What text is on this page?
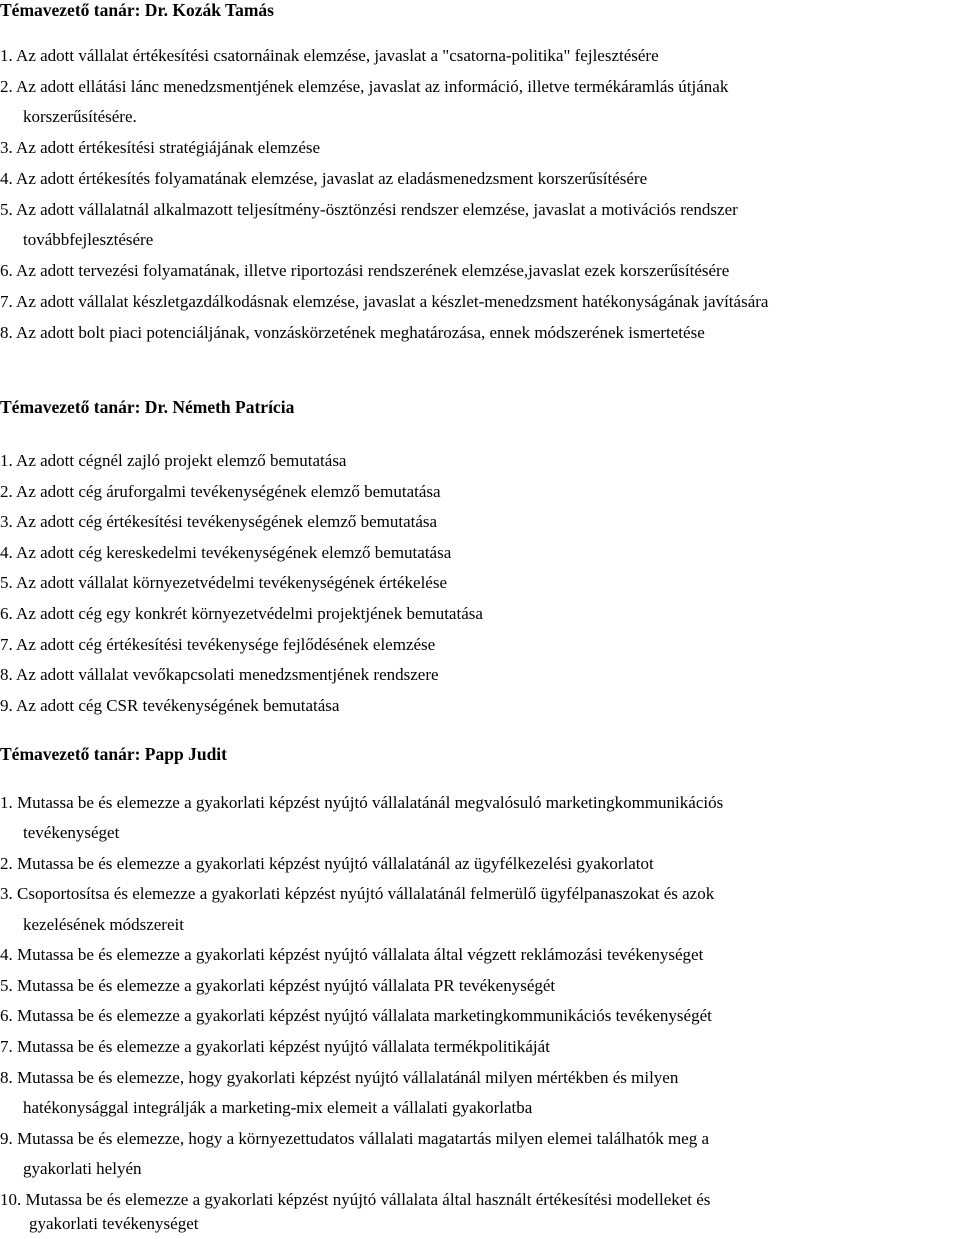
Témavezető tanár: Dr. Kozák Tamás
1. Az adott vállalat értékesítési csatornáinak elemzése, javaslat a "csatorna-politika" fejlesztésére
2. Az adott ellátási lánc menedzsmentjének elemzése, javaslat az információ, illetve termékáramlás útjának
korszerűsítésére.
3. Az adott értékesítési stratégiájának elemzése
4. Az adott értékesítés folyamatának elemzése, javaslat az eladásmenedzsment korszerűsítésére
5. Az adott vállalatnál alkalmazott teljesítmény-ösztönzési rendszer elemzése, javaslat a motivációs rendszer
továbbfejlesztésére
6. Az adott tervezési folyamatának, illetve riportozási rendszerének elemzése,javaslat ezek korszerűsítésére
7. Az adott vállalat készletgazdálkodásnak elemzése, javaslat a készlet-menedzsment hatékonyságának javítására
8. Az adott bolt piaci potenciáljának, vonzáskörzetének meghatározása, ennek módszerének ismertetése
Témavezető tanár: Dr. Németh Patrícia
1. Az adott cégnél zajló projekt elemző bemutatása
2. Az adott cég áruforgalmi tevékenységének elemző bemutatása
3. Az adott cég értékesítési tevékenységének elemző bemutatása
4. Az adott cég kereskedelmi tevékenységének elemző bemutatása
5. Az adott vállalat környezetvédelmi tevékenységének értékelése
6. Az adott cég egy konkrét környezetvédelmi projektjének bemutatása
7. Az adott cég értékesítési tevékenysége fejlődésének elemzése
8. Az adott vállalat vevőkapcsolati menedzsmentjének rendszere
9. Az adott cég CSR tevékenységének bemutatása
Témavezető tanár: Papp Judit
1. Mutassa be és elemezze a gyakorlati képzést nyújtó vállalatánál megvalósuló marketingkommunikációs
tevékenységet
2. Mutassa be és elemezze a gyakorlati képzést nyújtó vállalatánál az ügyfélkezelési gyakorlatot
3. Csoportosítsa és elemezze a gyakorlati képzést nyújtó vállalatánál felmerülő ügyfélpanaszokat és azok
kezelésének módszereit
4. Mutassa be és elemezze a gyakorlati képzést nyújtó vállalata által végzett reklámozási tevékenységet
5. Mutassa be és elemezze a gyakorlati képzést nyújtó vállalata PR tevékenységét
6. Mutassa be és elemezze a gyakorlati képzést nyújtó vállalata marketingkommunikációs tevékenységét
7. Mutassa be és elemezze a gyakorlati képzést nyújtó vállalata termékpolitikáját
8. Mutassa be és elemezze, hogy gyakorlati képzést nyújtó vállalatánál milyen mértékben és milyen
hatékonysággal integrálják a marketing-mix elemeit a vállalati gyakorlatba
9. Mutassa be és elemezze, hogy a környezettudatos vállalati magatartás milyen elemei találhatók meg a
gyakorlati helyén
10. Mutassa be és elemezze a gyakorlati képzést nyújtó vállalata által használt értékesítési modelleket és
gyakorlati tevékenységet
